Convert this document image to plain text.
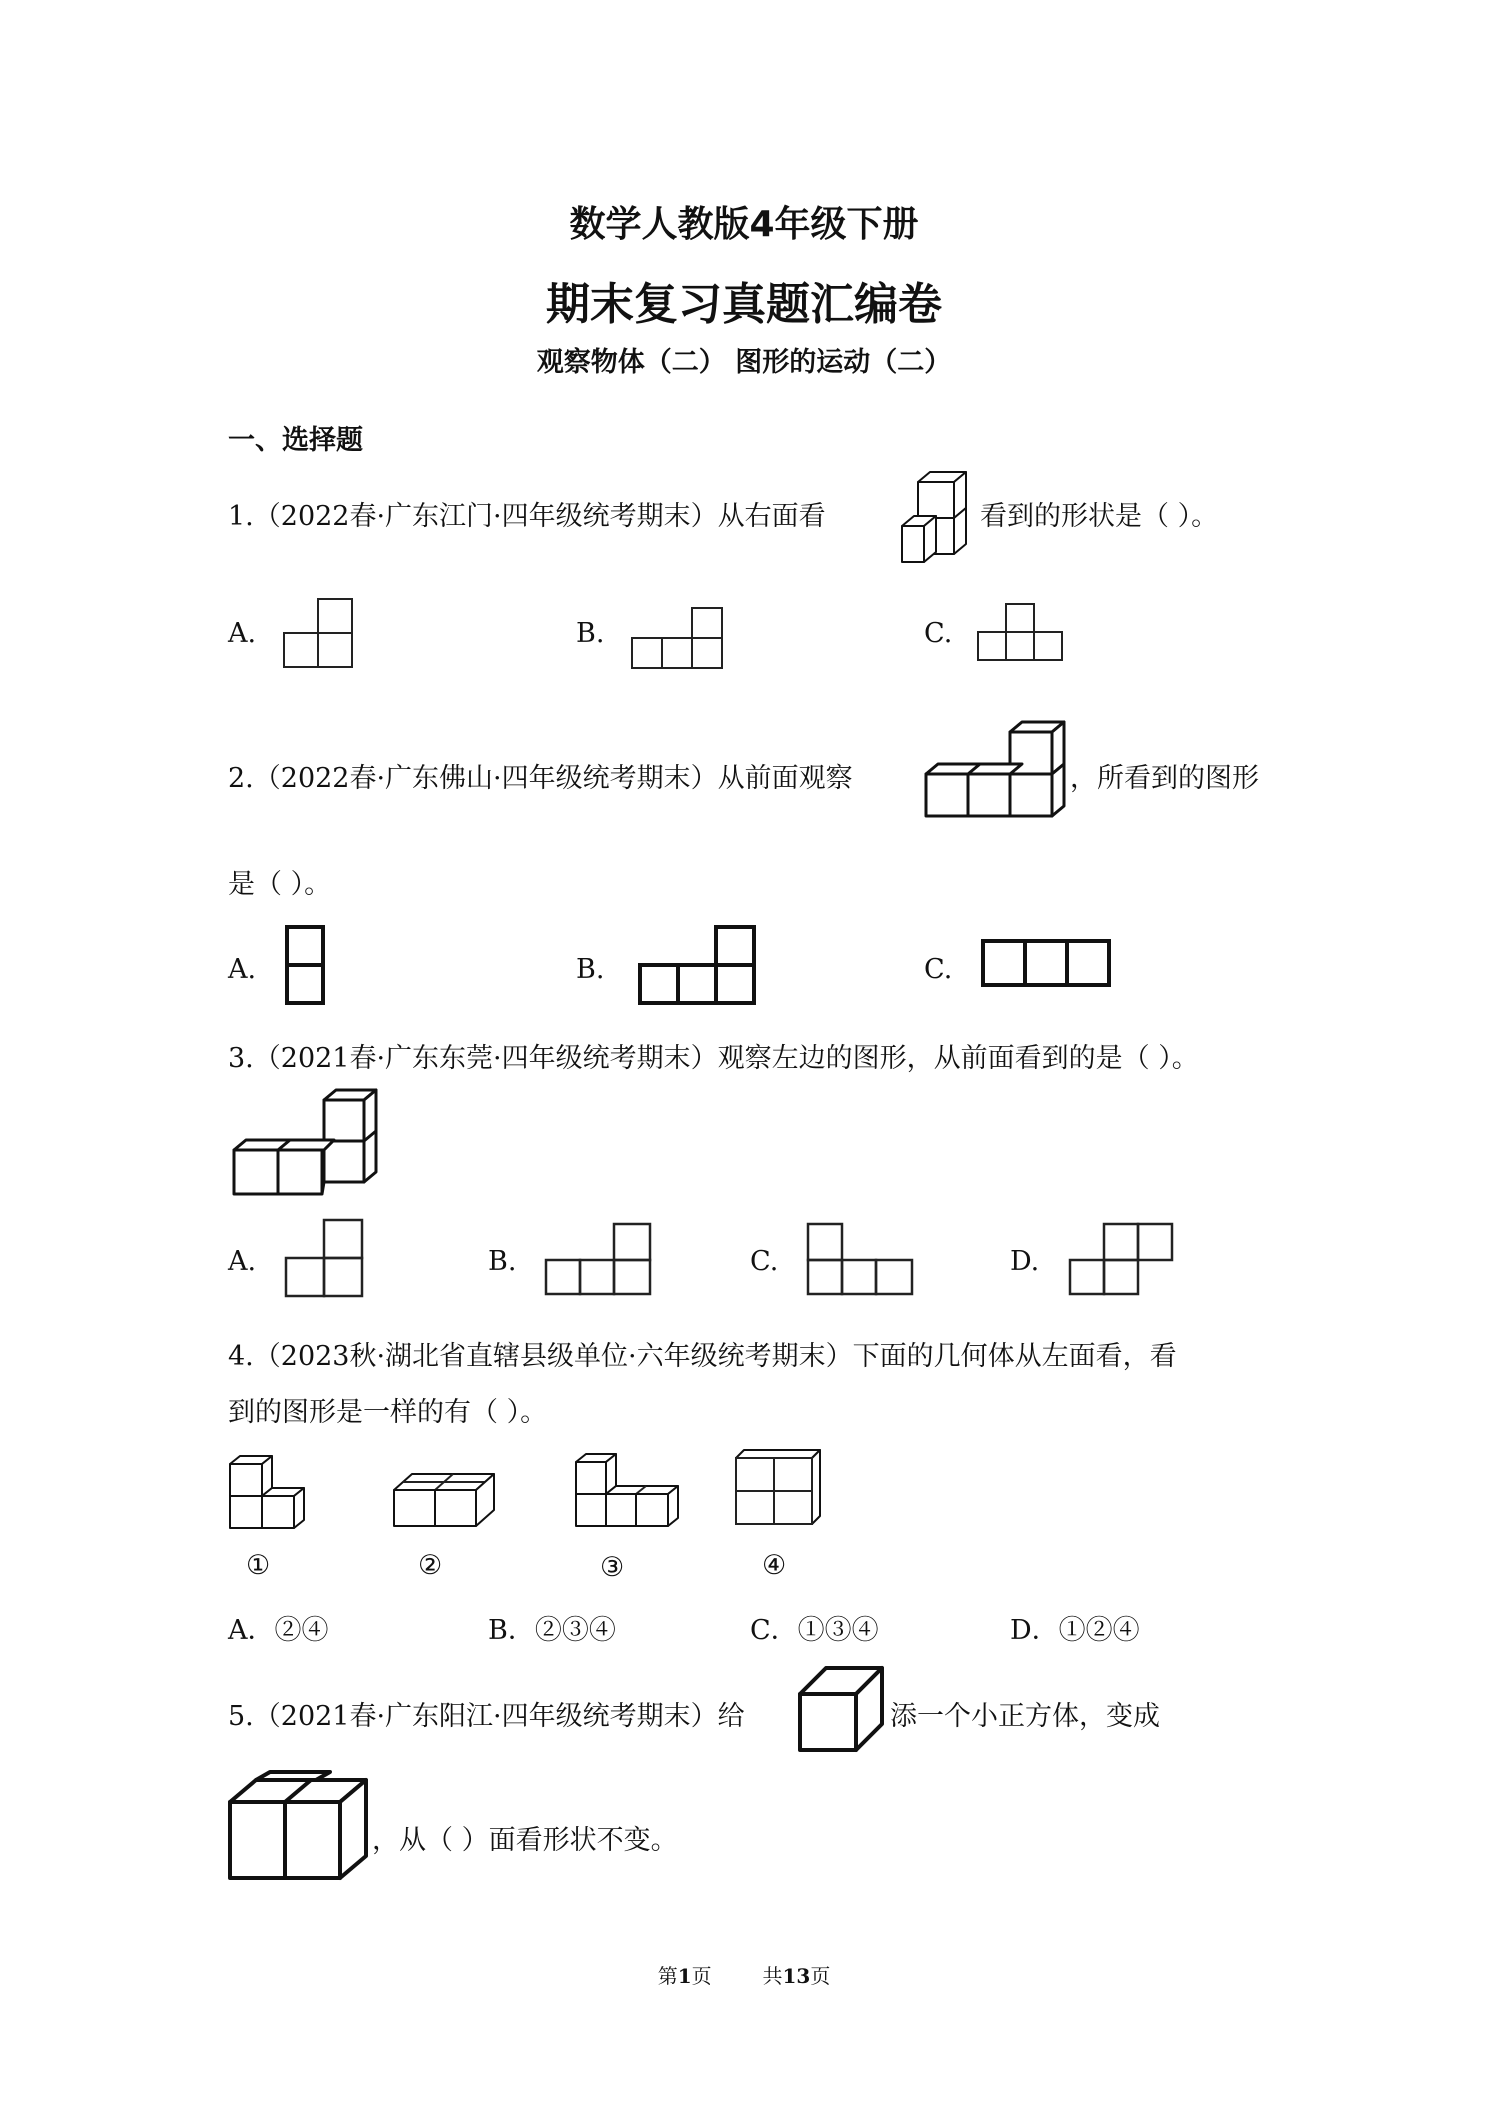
数学人教版4年级下册
期末复习真题汇编卷
观察物体（二） 图形的运动（二）
一、选择题
1.（2022春·广东江门·四年级统考期末）从右面看	看到的形状是（ ）。
A.	B.	C.
2.（2022春·广东佛山·四年级统考期末）从前面观察	，所看到的图形
是（ ）。
A.	B.	C.
3.（2021春·广东东莞·四年级统考期末）观察左边的图形，从前面看到的是（ ）。
A.	B.	C.	D.
4.（2023秋·湖北省直辖县级单位·六年级统考期末）下面的几何体从左面看，看
到的图形是一样的有（ ）。
①	②	③	④
A．②④	B．②③④	C．①③④	D．①②④
5.（2021春·广东阳江·四年级统考期末）给	添一个小正方体，变成
，从（ ）面看形状不变。
第1页	共13页
